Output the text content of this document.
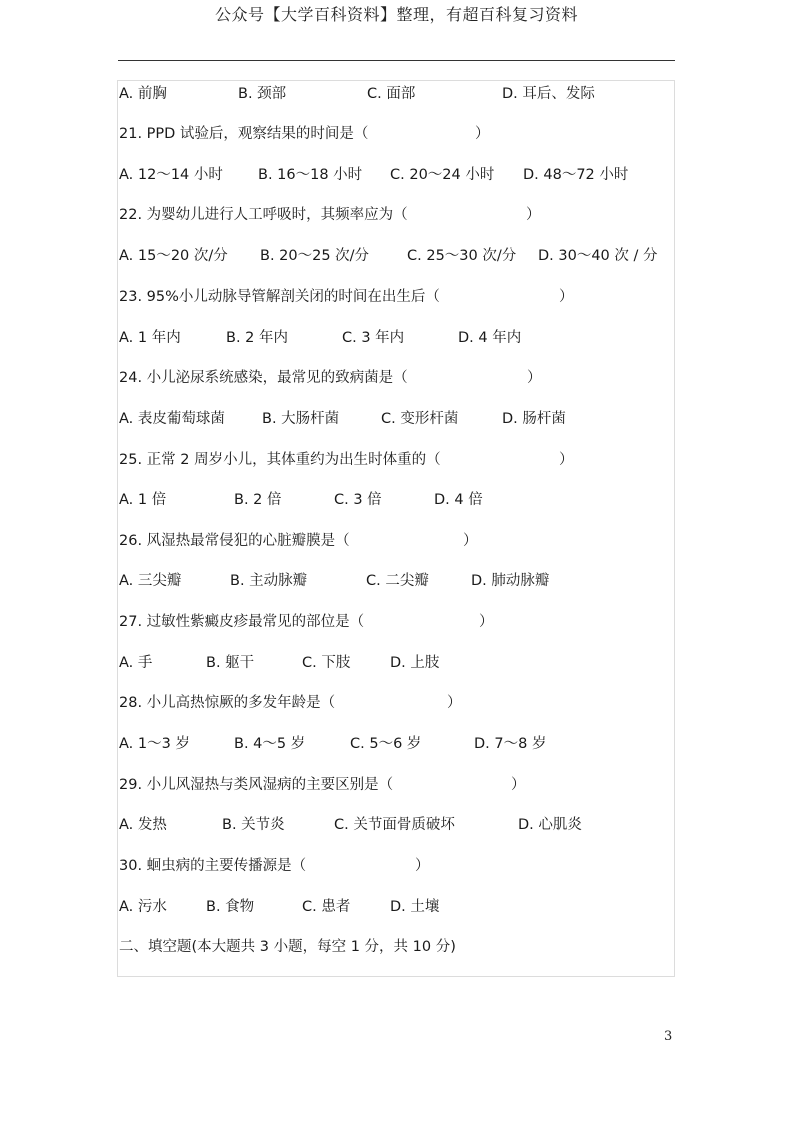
公众号【大学百科资料】整理，有超百科复习资料
A. 前胸	B. 颈部	C. 面部	D. 耳后、发际
21. PPD 试验后，观察结果的时间是（	）
A. 12～14 小时 B. 16～18 小时 C. 20～24 小时 D. 48～72 小时
22. 为婴幼儿进行人工呼吸时，其频率应为（	）
A. 15～20 次/分 B. 20～25 次/分	C. 25～30 次/分 D. 30～40 次 / 分
23. 95%小儿动脉导管解剖关闭的时间在出生后（	）
A. 1 年内	B. 2 年内	C. 3 年内	D. 4 年内
24. 小儿泌尿系统感染，最常见的致病菌是（	）
A. 表皮葡萄球菌	B. 大肠杆菌	C. 变形杆菌	D. 肠杆菌
25. 正常 2 周岁小儿，其体重约为出生时体重的（	）
A. 1 倍	B. 2 倍	C. 3 倍	D. 4 倍
26. 风湿热最常侵犯的心脏瓣膜是（	）
A. 三尖瓣	B. 主动脉瓣	C. 二尖瓣	D. 肺动脉瓣
27. 过敏性紫癜皮疹最常见的部位是（	）
A. 手	B. 躯干	C. 下肢	D. 上肢
28. 小儿高热惊厥的多发年龄是（	）
A. 1～3 岁	B. 4～5 岁	C. 5～6 岁	D. 7～8 岁
29. 小儿风湿热与类风湿病的主要区别是（	）
A. 发热	B. 关节炎	C. 关节面骨质破坏	D. 心肌炎
30. 蛔虫病的主要传播源是（	）
A. 污水	B. 食物	C. 患者	D. 土壤
二、填空题(本大题共 3 小题，每空 1 分，共 10 分)
3
